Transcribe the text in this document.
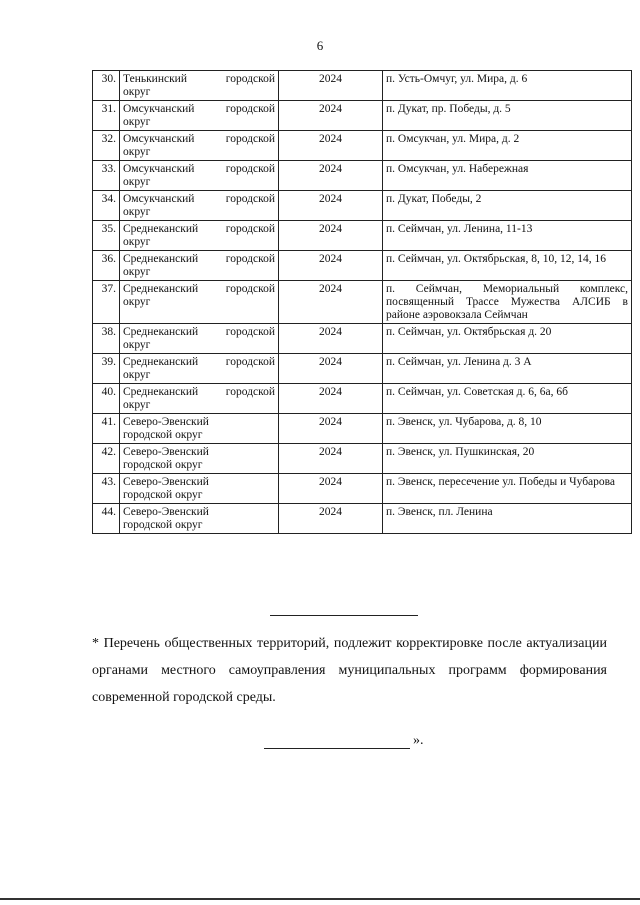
6
30.	Тенькинский городской
округ	2024	п. Усть-Омчуг, ул. Мира, д. 6
31.	Омсукчанский городской
округ	2024	п. Дукат, пр. Победы, д. 5
32.	Омсукчанский городской
округ	2024	п. Омсукчан, ул. Мира, д. 2
33.	Омсукчанский городской
округ	2024	п. Омсукчан, ул. Набережная
34.	Омсукчанский городской
округ	2024	п. Дукат, Победы, 2
35.	Среднеканский городской
округ	2024	п. Сеймчан, ул. Ленина, 11-13
36.	Среднеканский городской
округ	2024	п. Сеймчан, ул. Октябрьская, 8, 10, 12, 14, 16
37.	Среднеканский городской
округ	2024	п. Сеймчан, Мемориальный комплекс, посвященный Трассе Мужества АЛСИБ в районе аэровокзала Сеймчан
38.	Среднеканский городской
округ	2024	п. Сеймчан, ул. Октябрьская д. 20
39.	Среднеканский городской
округ	2024	п. Сеймчан, ул. Ленина д. 3 А
40.	Среднеканский городской
округ	2024	п. Сеймчан, ул. Советская д. 6, 6а, 6б
41.	Северо-Эвенский
городской округ	2024	п. Эвенск, ул. Чубарова, д. 8, 10
42.	Северо-Эвенский
городской округ	2024	п. Эвенск, ул. Пушкинская, 20
43.	Северо-Эвенский
городской округ	2024	п. Эвенск, пересечение ул. Победы и Чубарова
44.	Северо-Эвенский
городской округ	2024	п. Эвенск, пл. Ленина
* Перечень общественных территорий, подлежит корректировке после актуализации органами местного самоуправления муниципальных программ формирования современной городской среды.
».
